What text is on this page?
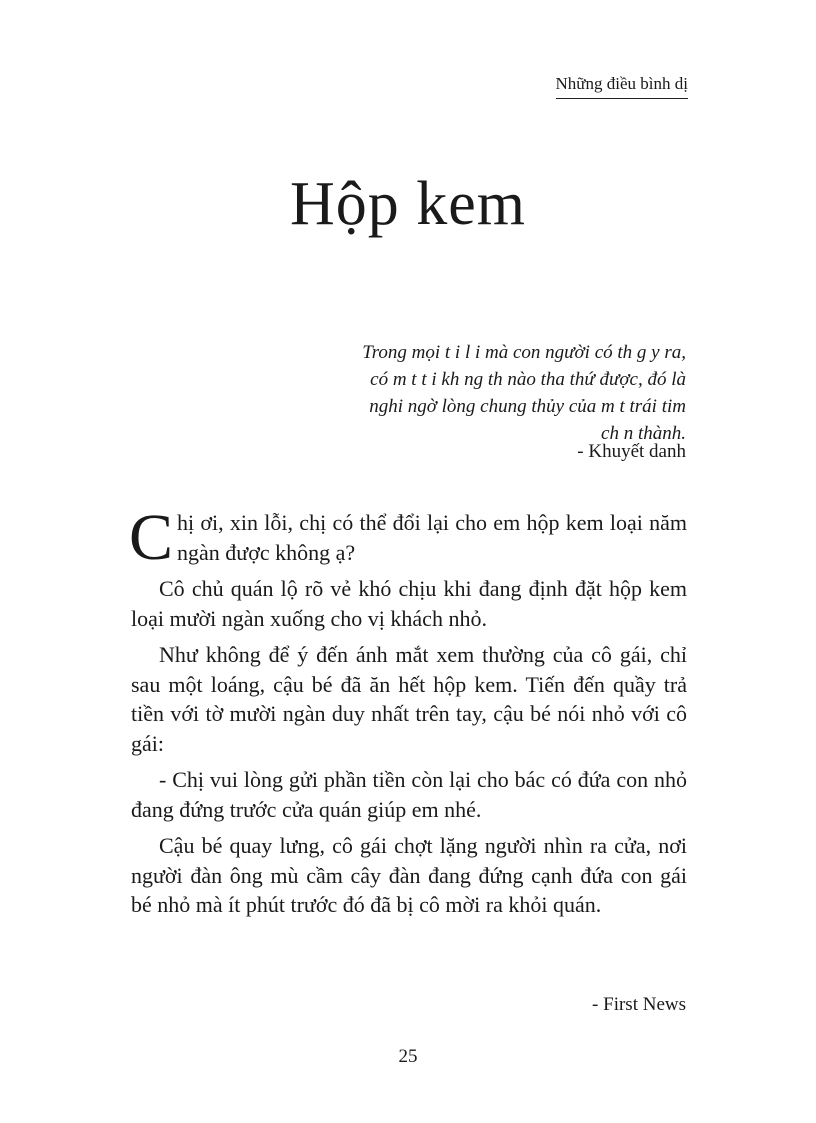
Những điều bình dị
Hộp kem
Trong mọi t i l i mà con người có th g y ra,
có m t t i kh ng th nào tha thứ được, đó là
nghi ngờ lòng chung thủy của m t trái tim
ch n thành.
- Khuyết danh

Chị ơi, xin lỗi, chị có thể đổi lại cho em hộp kem loại năm ngàn được không ạ?

Cô chủ quán lộ rõ vẻ khó chịu khi đang định đặt hộp kem loại mười ngàn xuống cho vị khách nhỏ.

Như không để ý đến ánh mắt xem thường của cô gái, chỉ sau một loáng, cậu bé đã ăn hết hộp kem. Tiến đến quầy trả tiền với tờ mười ngàn duy nhất trên tay, cậu bé nói nhỏ với cô gái:

- Chị vui lòng gửi phần tiền còn lại cho bác có đứa con nhỏ đang đứng trước cửa quán giúp em nhé.

Cậu bé quay lưng, cô gái chợt lặng người nhìn ra cửa, nơi người đàn ông mù cầm cây đàn đang đứng cạnh đứa con gái bé nhỏ mà ít phút trước đó đã bị cô mời ra khỏi quán.

- First News
25
